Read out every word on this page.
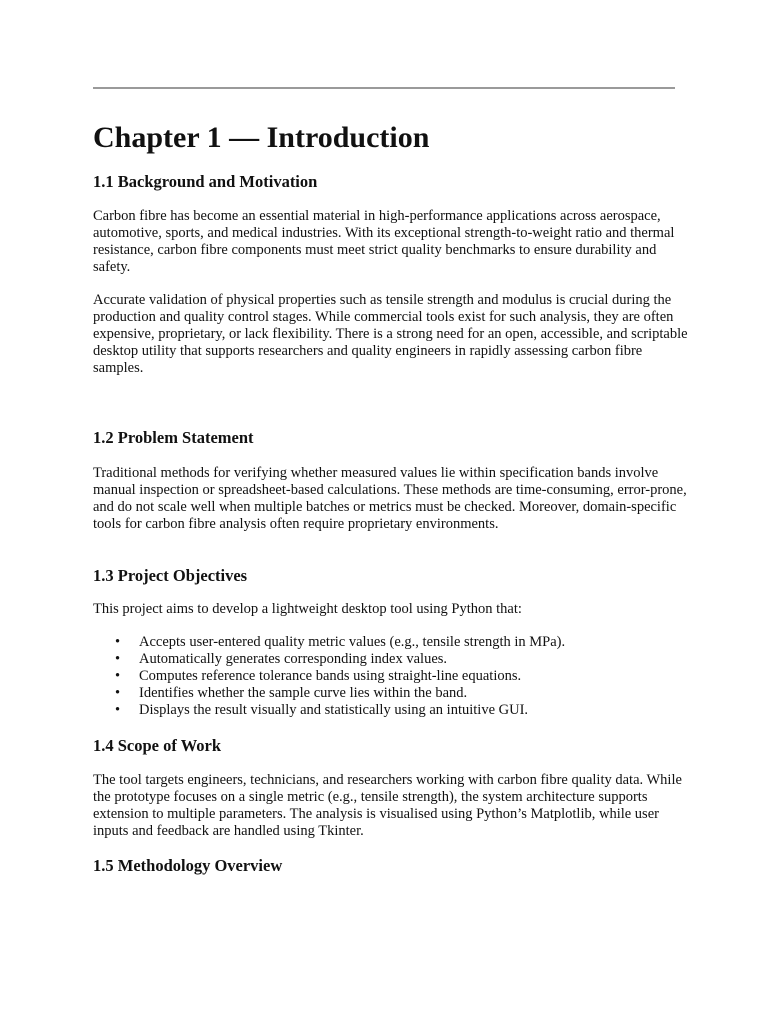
Chapter 1 — Introduction
1.1 Background and Motivation

Carbon fibre has become an essential material in high-performance applications across aerospace, automotive, sports, and medical industries. With its exceptional strength-to-weight ratio and thermal resistance, carbon fibre components must meet strict quality benchmarks to ensure durability and safety.

Accurate validation of physical properties such as tensile strength and modulus is crucial during the production and quality control stages. While commercial tools exist for such analysis, they are often expensive, proprietary, or lack flexibility. There is a strong need for an open, accessible, and scriptable desktop utility that supports researchers and quality engineers in rapidly assessing carbon fibre samples.

1.2 Problem Statement

Traditional methods for verifying whether measured values lie within specification bands involve manual inspection or spreadsheet-based calculations. These methods are time-consuming, error-prone, and do not scale well when multiple batches or metrics must be checked. Moreover, domain-specific tools for carbon fibre analysis often require proprietary environments.

1.3 Project Objectives

This project aims to develop a lightweight desktop tool using Python that:

• Accepts user-entered quality metric values (e.g., tensile strength in MPa).
• Automatically generates corresponding index values.
• Computes reference tolerance bands using straight-line equations.
• Identifies whether the sample curve lies within the band.
• Displays the result visually and statistically using an intuitive GUI.
1.4 Scope of Work

The tool targets engineers, technicians, and researchers working with carbon fibre quality data. While the prototype focuses on a single metric (e.g., tensile strength), the system architecture supports extension to multiple parameters. The analysis is visualised using Python’s Matplotlib, while user inputs and feedback are handled using Tkinter.

1.5 Methodology Overview
